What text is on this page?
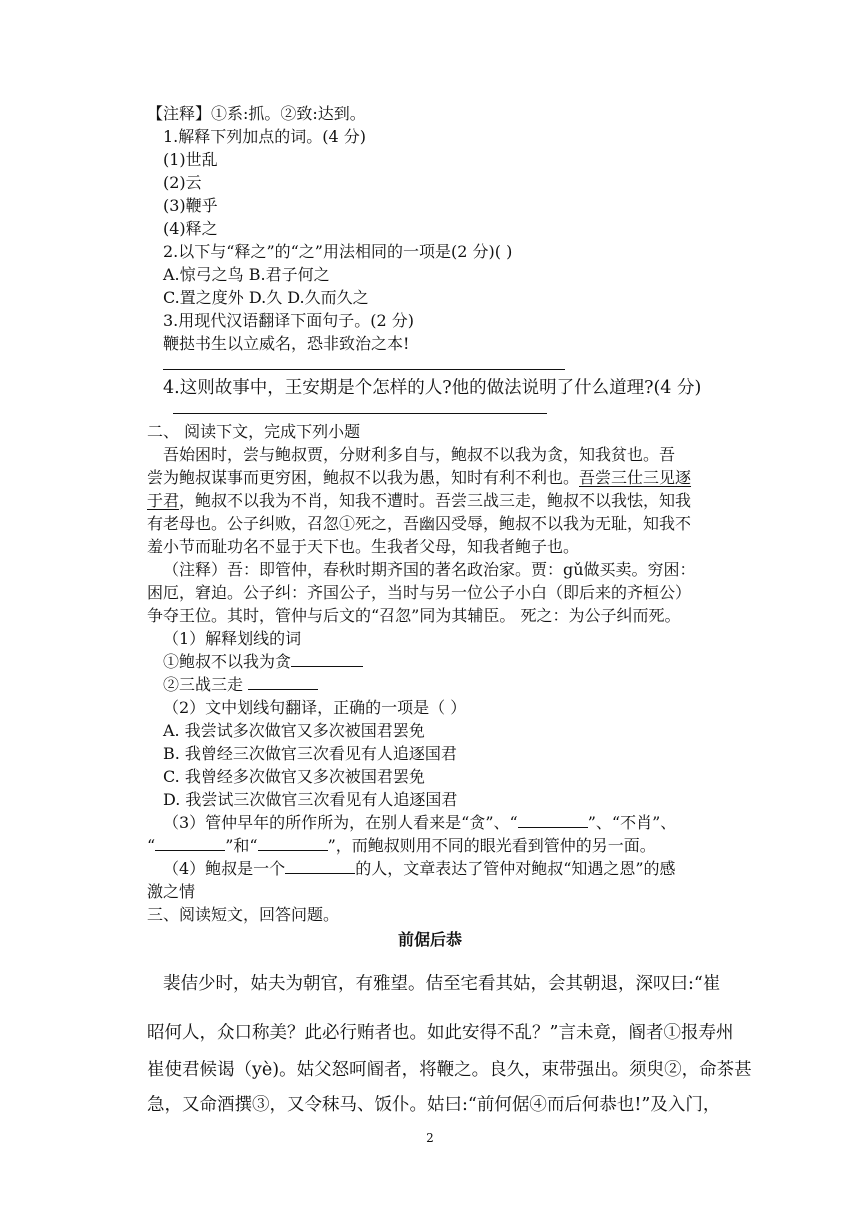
【注释】①系:抓。②致:达到。
1.解释下列加点的词。(4 分)
(1)世乱
(2)云
(3)鞭乎
(4)释之
2.以下与“释之”的“之”用法相同的一项是(2 分)( )
A.惊弓之鸟 B.君子何之
C.置之度外 D.久 D.久而久之
3.用现代汉语翻译下面句子。(2 分)
鞭挞书生以立威名，恐非致治之本!
4.这则故事中，王安期是个怎样的人?他的做法说明了什么道理?(4 分)
二、 阅读下文，完成下列小题
吾始困时，尝与鲍叔贾，分财利多自与，鲍叔不以我为贪，知我贫也。吾
尝为鲍叔谋事而更穷困，鲍叔不以我为愚，知时有利不利也。吾尝三仕三见逐
于君，鲍叔不以我为不肖，知我不遭时。吾尝三战三走，鲍叔不以我怯，知我
有老母也。公子纠败，召忽①死之，吾幽囚受辱，鲍叔不以我为无耻，知我不
羞小节而耻功名不显于天下也。生我者父母，知我者鲍子也。
（注释）吾：即管仲，春秋时期齐国的著名政治家。贾：gǔ做买卖。穷困：
困厄，窘迫。公子纠：齐国公子，当时与另一位公子小白（即后来的齐桓公）
争夺王位。其时，管仲与后文的“召忽”同为其辅臣。 死之：为公子纠而死。
（1）解释划线的词
①鲍叔不以我为贪
②三战三走
（2）文中划线句翻译，正确的一项是（ ）
A. 我尝试多次做官又多次被国君罢免
B. 我曾经三次做官三次看见有人追逐国君
C. 我曾经多次做官又多次被国君罢免
D. 我尝试三次做官三次看见有人追逐国君
（3）管仲早年的所作所为，在别人看来是“贪”、“	”、“不肖”、
“	”和“	”，而鲍叔则用不同的眼光看到管仲的另一面。
（4）鲍叔是一个	的人，文章表达了管仲对鲍叔“知遇之恩”的感
激之情
三、阅读短文，回答问题。
前倨后恭
裴佶少时，姑夫为朝官，有雅望。佶至宅看其姑，会其朝退，深叹曰:“崔
昭何人，众口称美？此必行贿者也。如此安得不乱？”言未竟，阍者①报寿州
崔使君候谒（yè)。姑父怒呵阍者，将鞭之。良久，束带强出。须臾②，命茶甚
急，又命酒撰③，又令秣马、饭仆。姑曰:“前何倨④而后何恭也!”及入门，
2
